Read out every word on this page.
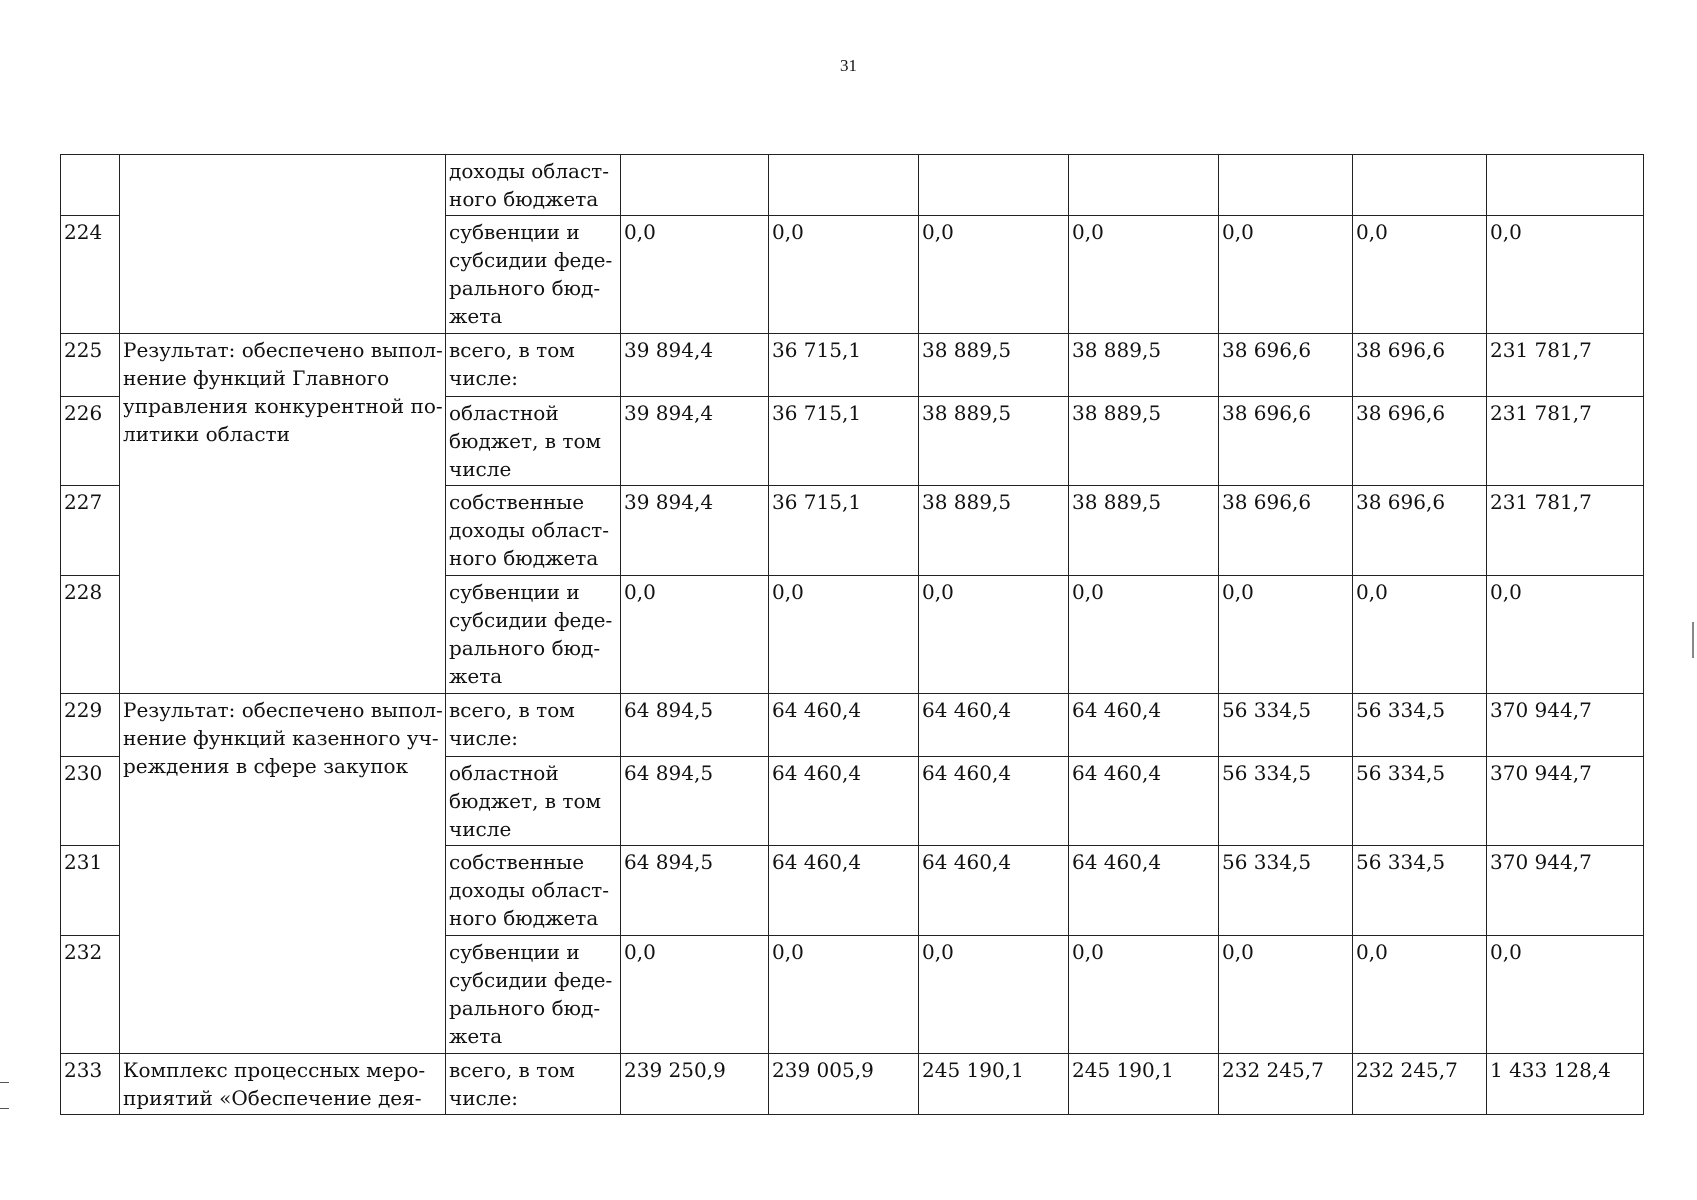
31
		доходы област-ного бюджета							
224		субвенции и субсидии феде-рального бюд-жета	0,0	0,0	0,0	0,0	0,0	0,0	0,0
225	Результат: обеспечено выпол-нение функций Главного управления конкурентной по-литики области	всего, в том числе:	39 894,4	36 715,1	38 889,5	38 889,5	38 696,6	38 696,6	231 781,7
226		областной бюджет, в том числе	39 894,4	36 715,1	38 889,5	38 889,5	38 696,6	38 696,6	231 781,7
227		собственные доходы област-ного бюджета	39 894,4	36 715,1	38 889,5	38 889,5	38 696,6	38 696,6	231 781,7
228		субвенции и субсидии феде-рального бюд-жета	0,0	0,0	0,0	0,0	0,0	0,0	0,0
229	Результат: обеспечено выпол-нение функций казенного уч-реждения в сфере закупок	всего, в том числе:	64 894,5	64 460,4	64 460,4	64 460,4	56 334,5	56 334,5	370 944,7
230		областной бюджет, в том числе	64 894,5	64 460,4	64 460,4	64 460,4	56 334,5	56 334,5	370 944,7
231		собственные доходы област-ного бюджета	64 894,5	64 460,4	64 460,4	64 460,4	56 334,5	56 334,5	370 944,7
232		субвенции и субсидии феде-рального бюд-жета	0,0	0,0	0,0	0,0	0,0	0,0	0,0
233	Комплекс процессных меро-приятий «Обеспечение дея-	всего, в том числе:	239 250,9	239 005,9	245 190,1	245 190,1	232 245,7	232 245,7	1 433 128,4
